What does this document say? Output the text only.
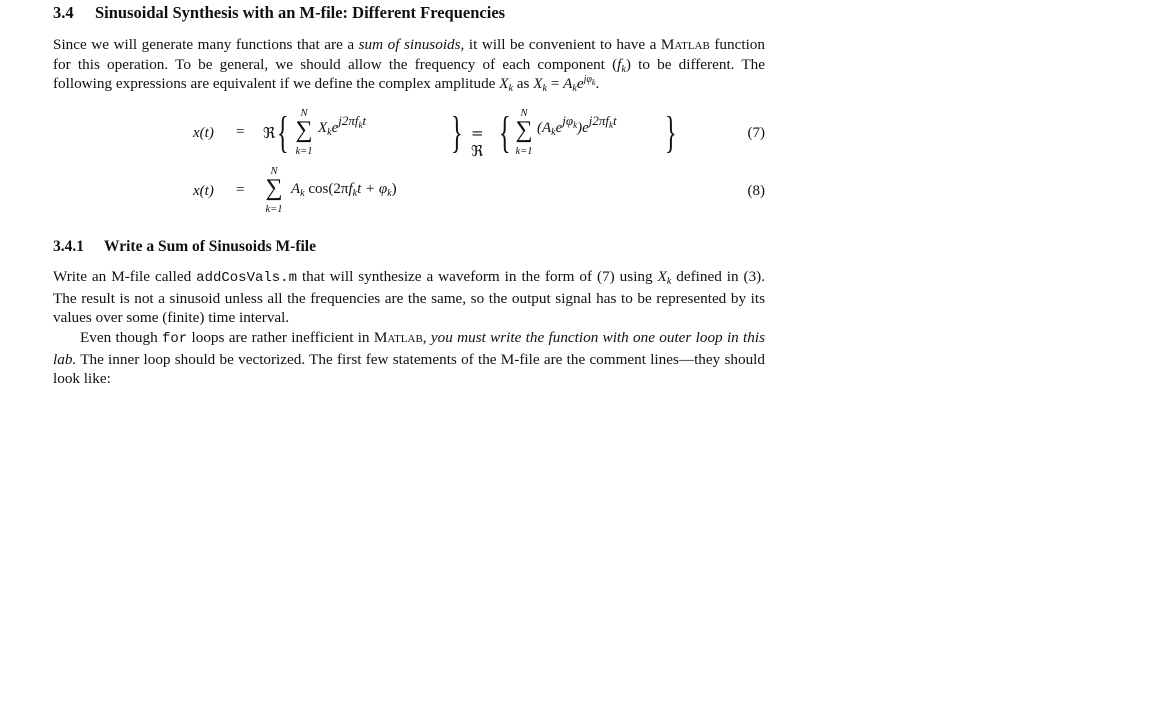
3.4 Sinusoidal Synthesis with an M-file: Different Frequencies
Since we will generate many functions that are a sum of sinusoids, it will be convenient to have a Matlab function for this operation. To be general, we should allow the frequency of each component $(f_k)$ to be different. The following expressions are equivalent if we define the complex amplitude $X_k$ as $X_k = A_ke^{j\varphi_k}$.
x(t) = ℜ {	N
∑
k=1
$X_ke^{j2\pi f_kt}$ } = ℜ { N
∑
k=1
$(A_ke^{j\varphi_k})e^{j2\pi f_kt}$ }	(7)
x(t) =
N
∑
k=1
$A_k$ $\cos(2\pi f_kt + \varphi_k)$	(8)
3.4.1 Write a Sum of Sinusoids M-file
Write an M-file called addCosVals.m that will synthesize a waveform in the form of (7) using $X_k$ defined in (3). The result is not a sinusoid unless all the frequencies are the same, so the output signal has to be represented by its values over some (finite) time interval.
Even though for loops are rather inefficient in Matlab, you must write the function with one outer loop in this lab. The inner loop should be vectorized. The first few statements of the M-file are the comment lines—they should look like:
